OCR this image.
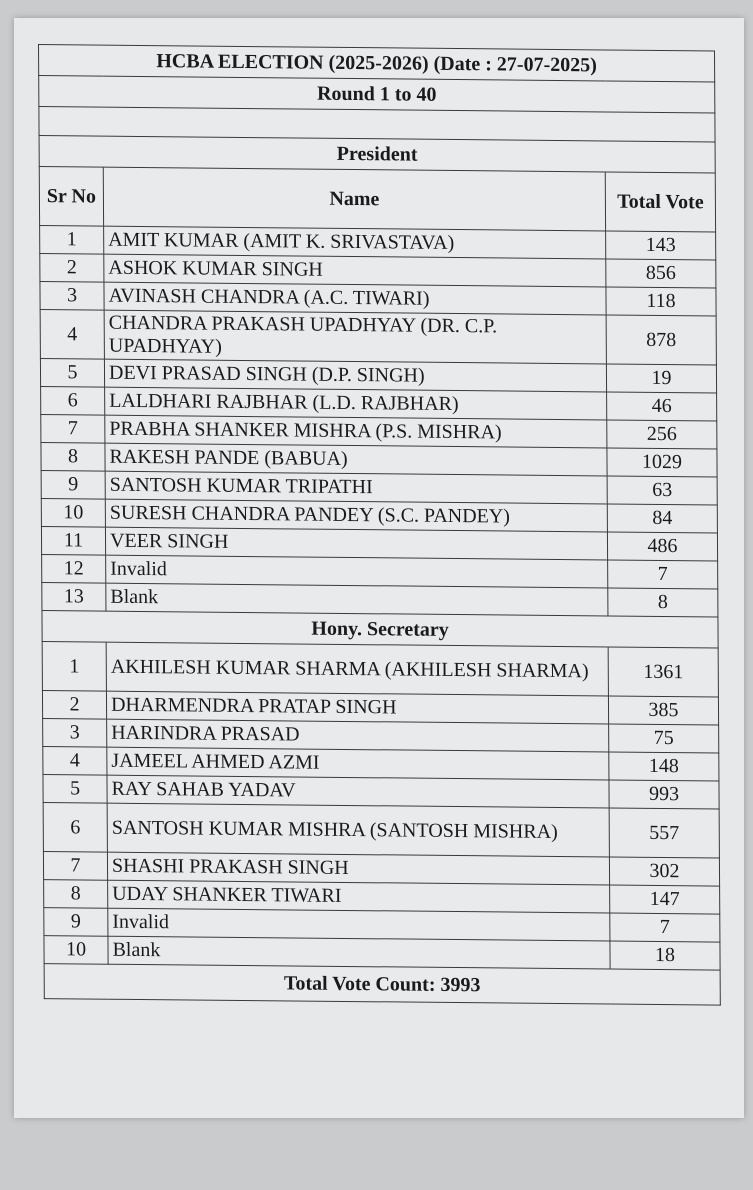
HCBA ELECTION (2025-2026) (Date : 27-07-2025)		
Round 1 to 40		

President		
Sr No	Name	Total Vote
1	AMIT KUMAR (AMIT K. SRIVASTAVA)	143
2	ASHOK KUMAR SINGH	856
3	AVINASH CHANDRA (A.C. TIWARI)	118
4	CHANDRA PRAKASH UPADHYAY (DR. C.P. UPADHYAY)	878
5	DEVI PRASAD SINGH (D.P. SINGH)	19
6	LALDHARI RAJBHAR (L.D. RAJBHAR)	46
7	PRABHA SHANKER MISHRA (P.S. MISHRA)	256
8	RAKESH PANDE (BABUA)	1029
9	SANTOSH KUMAR TRIPATHI	63
10	SURESH CHANDRA PANDEY (S.C. PANDEY)	84
11	VEER SINGH	486
12	Invalid	7
13	Blank	8
Hony. Secretary		
1	AKHILESH KUMAR SHARMA (AKHILESH SHARMA)	1361
2	DHARMENDRA PRATAP SINGH	385
3	HARINDRA PRASAD	75
4	JAMEEL AHMED AZMI	148
5	RAY SAHAB YADAV	993
6	SANTOSH KUMAR MISHRA (SANTOSH MISHRA)	557
7	SHASHI PRAKASH SINGH	302
8	UDAY SHANKER TIWARI	147
9	Invalid	7
10	Blank	18
Total Vote Count: 3993		
